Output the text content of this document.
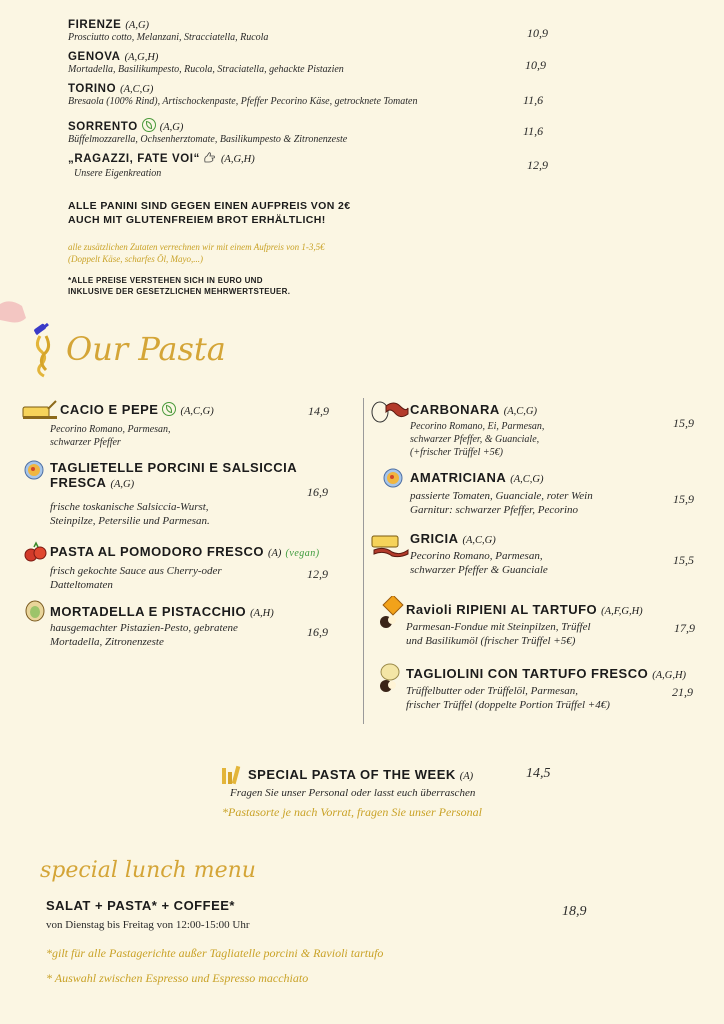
FIRENZE (A,G)
Prosciutto cotto, Melanzani, Stracciatella, Rucola	10,9
GENOVA (A,G,H)
Mortadella, Basilikumpesto, Rucola, Straciatella, gehackte Pistazien	10,9
TORINO (A,C,G)
Bresaola (100% Rind), Artischockenpaste, Pfeffer Pecorino Käse, getrocknete Tomaten	11,6
SORRENTO (A,G)
Büffelmozzarella, Ochsenherztomate, Basilikumpesto & Zitronenzeste
11,6
„RAGAZZI, FATE VOI“ (A,G,H)
Unsere Eigenkreation
12,9
ALLE PANINI SIND GEGEN EINEN AUFPREIS VON 2€
AUCH MIT GLUTENFREIEM BROT ERHÄLTLICH!
alle zusätzlichen Zutaten verrechnen wir mit einem Aufpreis von 1-3,5€
(Doppelt Käse, scharfes Öl, Mayo,...)
*ALLE PREISE VERSTEHEN SICH IN EURO UND
INKLUSIVE DER GESETZLICHEN MEHRWERTSTEUER.
Our Pasta
CACIO E PEPE (A,C,G)
Pecorino Romano, Parmesan,
schwarzer Pfeffer
14,9
TAGLIETELLE PORCINI E SALSICCIA
FRESCA (A,G)
frische toskanische Salsiccia-Wurst,
Steinpilze, Petersilie und Parmesan.
16,9
PASTA AL POMODORO FRESCO (A) (vegan)
frisch gekochte Sauce aus Cherry-oder
Datteltomaten
12,9
MORTADELLA E PISTACCHIO (A,H)
hausgemachter Pistazien-Pesto, gebratene
Mortadella, Zitronenzeste
16,9
CARBONARA (A,C,G)
Pecorino Romano, Ei, Parmesan,
schwarzer Pfeffer, & Guanciale,
(+frischer Trüffel +5€)
15,9
AMATRICIANA (A,C,G)
passierte Tomaten, Guanciale, roter Wein
Garnitur: schwarzer Pfeffer, Pecorino
15,9
GRICIA (A,C,G)
Pecorino Romano, Parmesan,
schwarzer Pfeffer & Guanciale
15,5
Ravioli RIPIENI AL TARTUFO (A,F,G,H)
Parmesan-Fondue mit Steinpilzen, Trüffel
und Basilikumöl (frischer Trüffel +5€)
17,9
TAGLIOLINI CON TARTUFO FRESCO (A,G,H)
Trüffelbutter oder Trüffelöl, Parmesan,
frischer Trüffel (doppelte Portion Trüffel +4€)
21,9
SPECIAL PASTA OF THE WEEK (A)	14,5
Fragen Sie unser Personal oder lasst euch überraschen
*Pastasorte je nach Vorrat, fragen Sie unser Personal
special lunch menu
SALAT + PASTA* + COFFEE*
von Dienstag bis Freitag von 12:00-15:00 Uhr
18,9
*gilt für alle Pastagerichte außer Tagliatelle porcini & Ravioli tartufo
* Auswahl zwischen Espresso und Espresso macchiato
